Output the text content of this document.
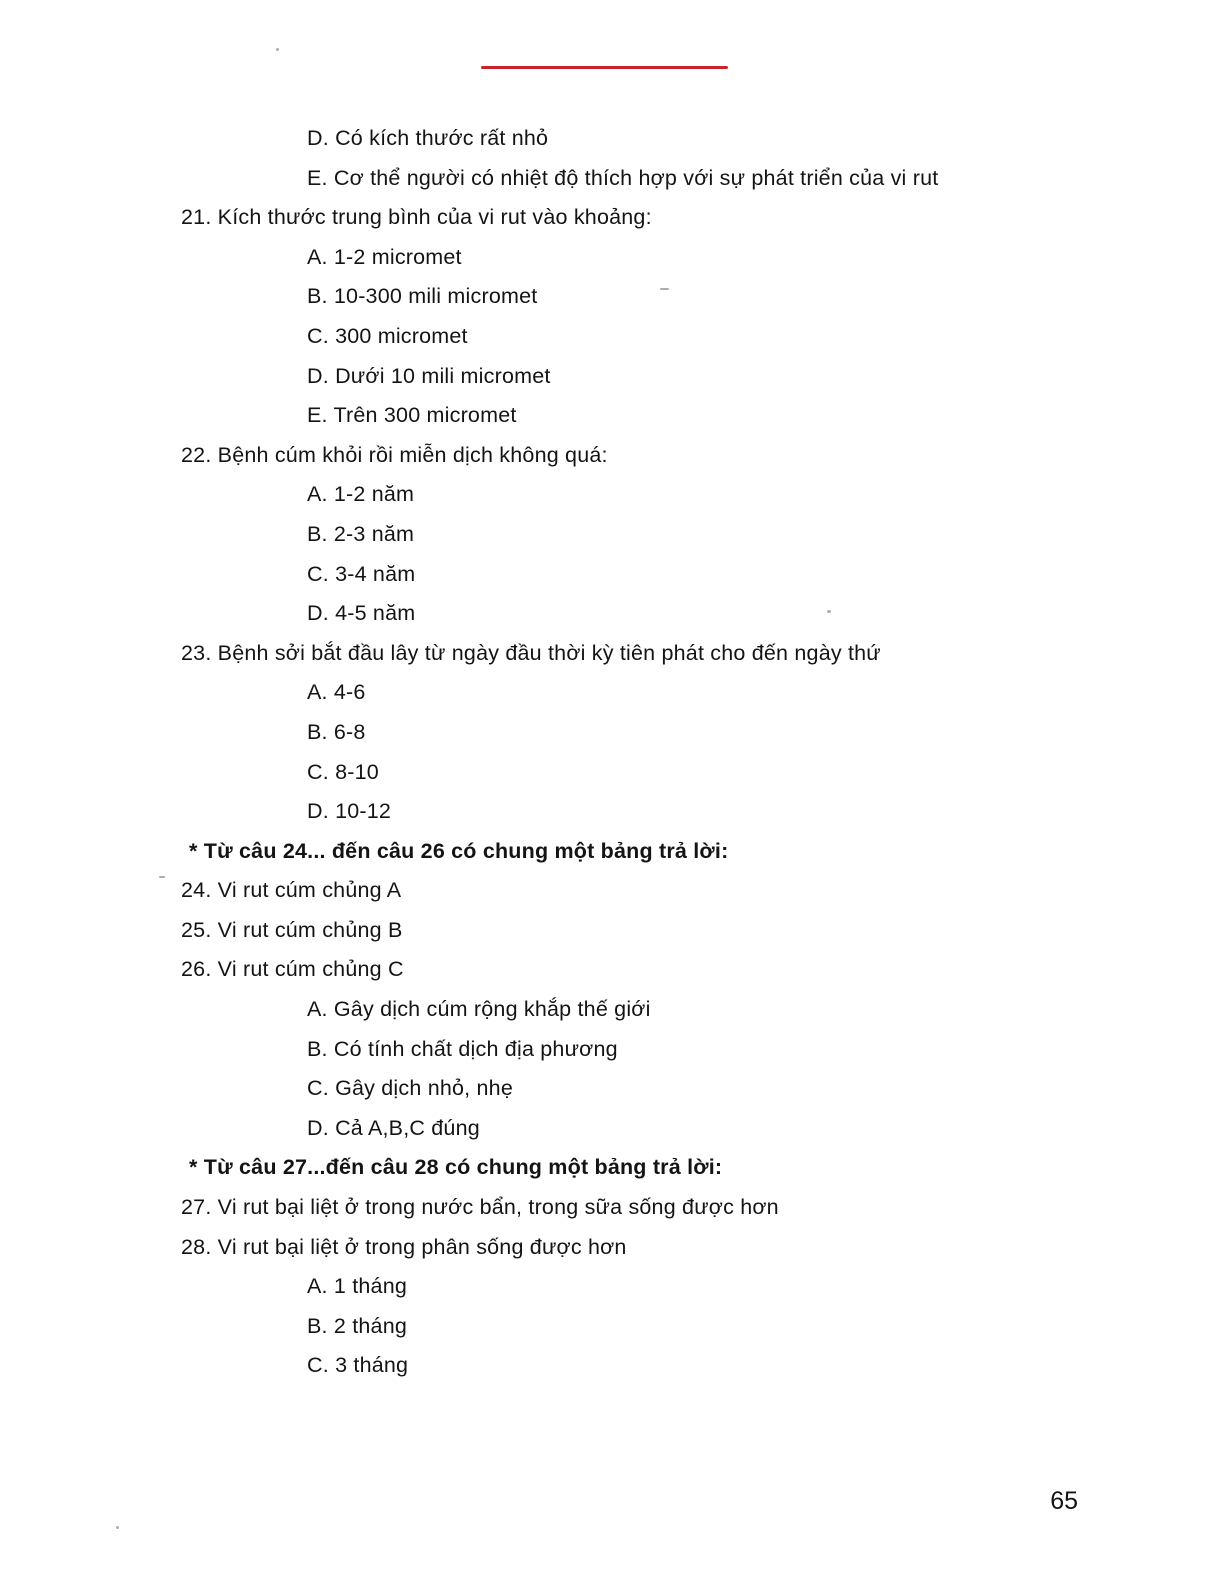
D. Có kích thước rất nhỏ
E. Cơ thể người có nhiệt độ thích hợp với sự phát triển của vi rut
21. Kích thước trung bình của vi rut vào khoảng:
A. 1-2 micromet
B. 10-300 mili micromet
C. 300 micromet
D. Dưới 10 mili micromet
E. Trên 300 micromet
22. Bệnh cúm khỏi rồi miễn dịch không quá:
A. 1-2 năm
B. 2-3 năm
C. 3-4 năm
D. 4-5 năm
23. Bệnh sởi bắt đầu lây từ ngày đầu thời kỳ tiên phát cho đến ngày thứ
A. 4-6
B. 6-8
C. 8-10
D. 10-12
* Từ câu 24... đến câu 26 có chung một bảng trả lời:
24. Vi rut cúm chủng A
25. Vi rut cúm chủng B
26. Vi rut cúm chủng C
A. Gây dịch cúm rộng khắp thế giới
B. Có tính chất dịch địa phương
C. Gây dịch nhỏ, nhẹ
D. Cả A,B,C đúng
* Từ câu 27...đến câu 28 có chung một bảng trả lời:
27. Vi rut bại liệt ở trong nước bẩn, trong sữa sống được hơn
28. Vi rut bại liệt ở trong phân sống được hơn
A. 1 tháng
B. 2 tháng
C. 3 tháng
65
